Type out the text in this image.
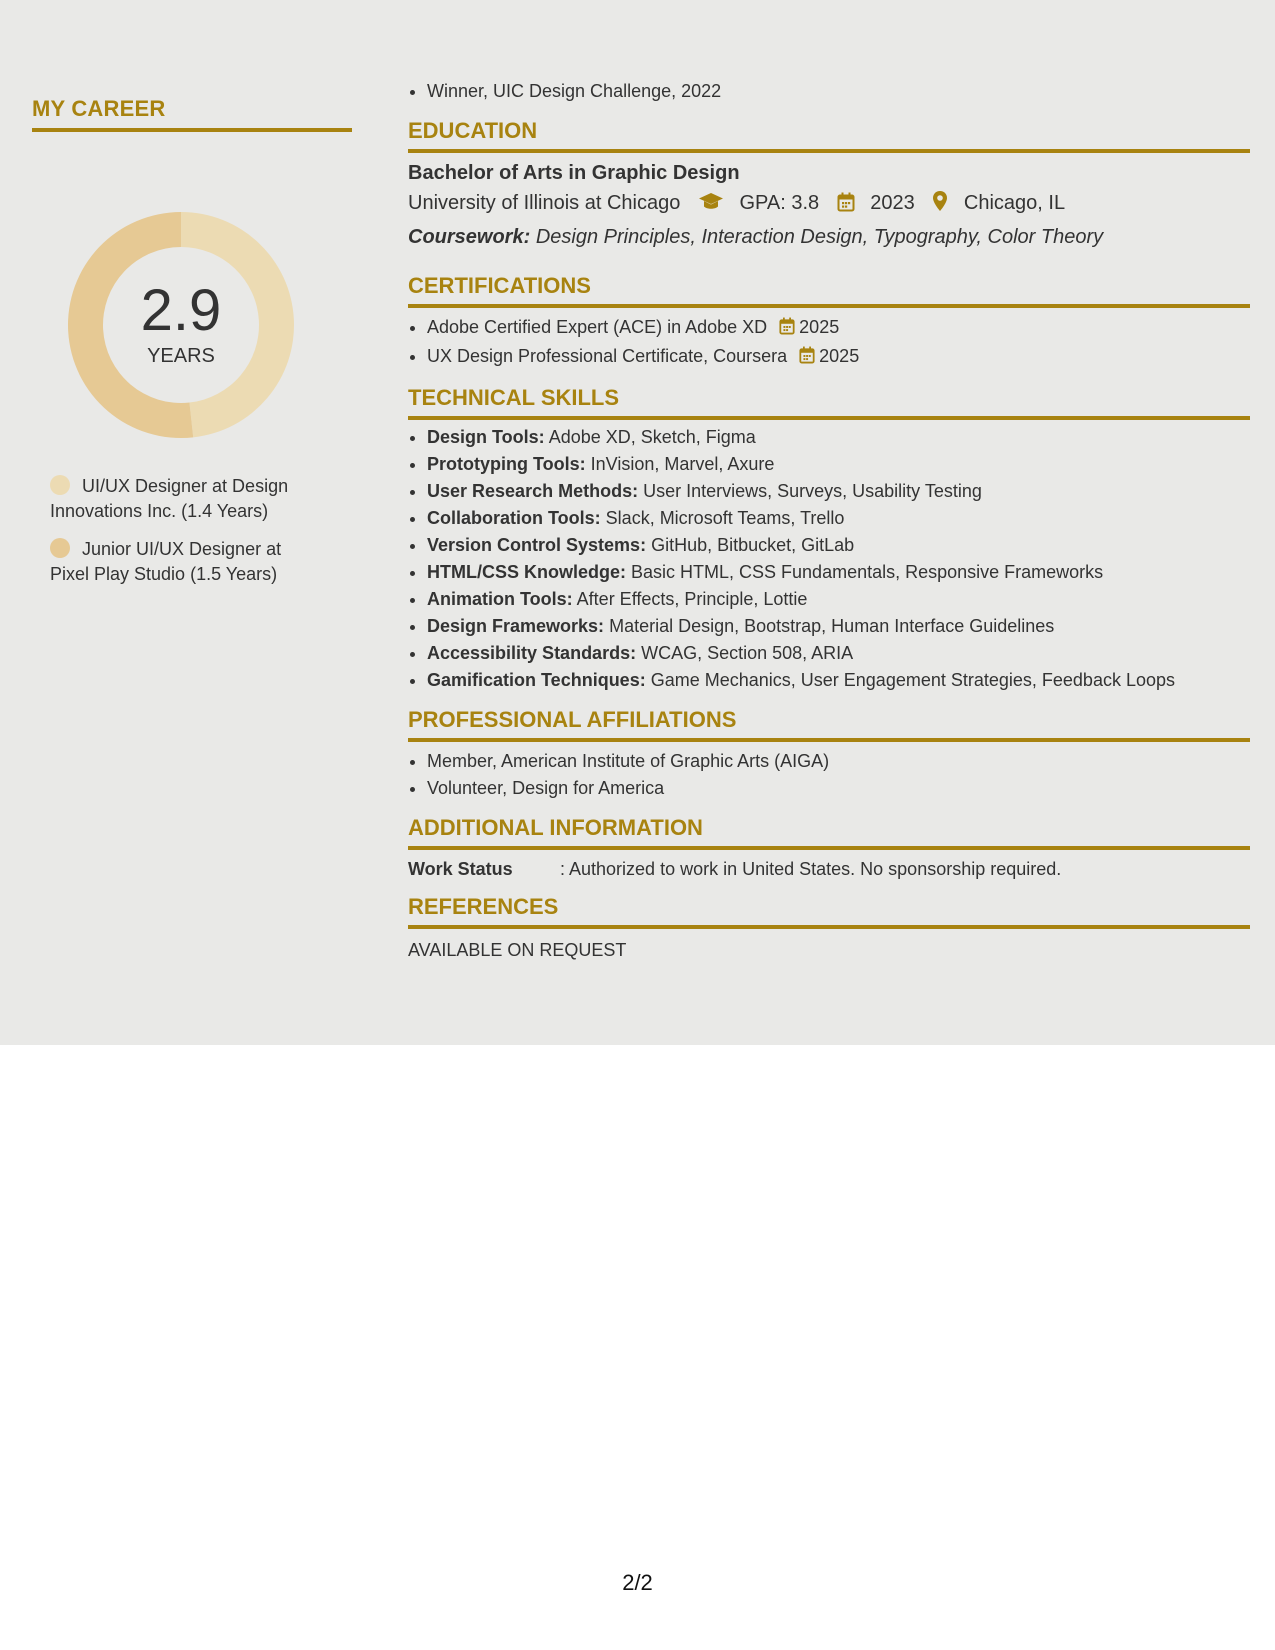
MY CAREER
2.9
YEARS
UI/UX Designer at Design Innovations Inc. (1.4 Years)
Junior UI/UX Designer at Pixel Play Studio (1.5 Years)
• Winner, UIC Design Challenge, 2022
EDUCATION
Bachelor of Arts in Graphic Design
University of Illinois at Chicago	GPA: 3.8	2023 Chicago, IL
Coursework: Design Principles, Interaction Design, Typography, Color Theory
CERTIFICATIONS
• Adobe Certified Expert (ACE) in Adobe XD 2025
• UX Design Professional Certificate, Coursera 2025
TECHNICAL SKILLS
• Design Tools: Adobe XD, Sketch, Figma
• Prototyping Tools: InVision, Marvel, Axure
• User Research Methods: User Interviews, Surveys, Usability Testing
• Collaboration Tools: Slack, Microsoft Teams, Trello
• Version Control Systems: GitHub, Bitbucket, GitLab
• HTML/CSS Knowledge: Basic HTML, CSS Fundamentals, Responsive Frameworks
• Animation Tools: After Effects, Principle, Lottie
• Design Frameworks: Material Design, Bootstrap, Human Interface Guidelines
• Accessibility Standards: WCAG, Section 508, ARIA
• Gamification Techniques: Game Mechanics, User Engagement Strategies, Feedback Loops
PROFESSIONAL AFFILIATIONS
• Member, American Institute of Graphic Arts (AIGA)
• Volunteer, Design for America
ADDITIONAL INFORMATION
Work Status	: Authorized to work in United States. No sponsorship required.
REFERENCES
AVAILABLE ON REQUEST
2/2
